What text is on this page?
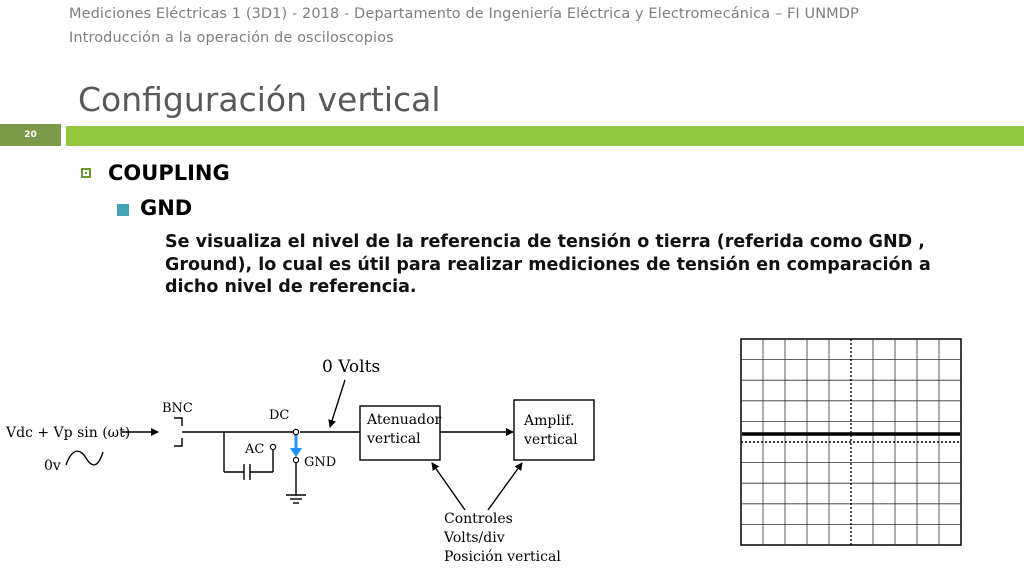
Mediciones Eléctricas 1 (3D1) - 2018 - Departamento de Ingeniería Eléctrica y Electromecánica – FI UNMDP
Introducción a la operación de osciloscopios
Configuración vertical
20
COUPLING
GND
Se visualiza el nivel de la referencia de tensión o tierra (referida como GND ,
Ground), lo cual es útil para realizar mediciones de tensión en comparación a
dicho nivel de referencia.
Vdc + Vp sin (ωt)
0v
BNC	DC
AC
GND
0 Volts
Atenuador
vertical
Amplif.
vertical
Controles
Volts/div
Posición vertical
